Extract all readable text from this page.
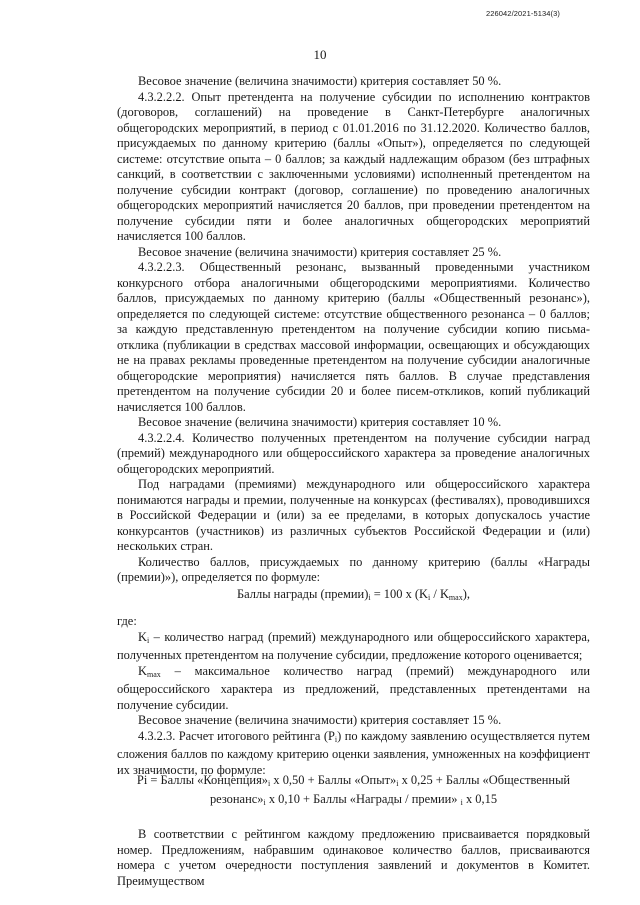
226042/2021-5134(3)
10

Весовое значение (величина значимости) критерия составляет 50 %.

4.3.2.2.2. Опыт претендента на получение субсидии по исполнению контрактов (договоров, соглашений) на проведение в Санкт-Петербурге аналогичных общегородских мероприятий, в период с 01.01.2016 по 31.12.2020. Количество баллов, присуждаемых по данному критерию (баллы «Опыт»), определяется по следующей системе: отсутствие опыта – 0 баллов; за каждый надлежащим образом (без штрафных санкций, в соответствии с заключенными условиями) исполненный претендентом на получение субсидии контракт (договор, соглашение) по проведению аналогичных общегородских мероприятий начисляется 20 баллов, при проведении претендентом на получение субсидии пяти и более аналогичных общегородских мероприятий начисляется 100 баллов.

Весовое значение (величина значимости) критерия составляет 25 %.

4.3.2.2.3. Общественный резонанс, вызванный проведенными участником конкурсного отбора аналогичными общегородскими мероприятиями. Количество баллов, присуждаемых по данному критерию (баллы «Общественный резонанс»), определяется по следующей системе: отсутствие общественного резонанса – 0 баллов; за каждую представленную претендентом на получение субсидии копию письма-отклика (публикации в средствах массовой информации, освещающих и обсуждающих не на правах рекламы проведенные претендентом на получение субсидии аналогичные общегородские мероприятия) начисляется пять баллов. В случае представления претендентом на получение субсидии 20 и более писем-откликов, копий публикаций начисляется 100 баллов.

Весовое значение (величина значимости) критерия составляет 10 %.

4.3.2.2.4. Количество полученных претендентом на получение субсидии наград (премий) международного или общероссийского характера за проведение аналогичных общегородских мероприятий.

Под наградами (премиями) международного или общероссийского характера понимаются награды и премии, полученные на конкурсах (фестивалях), проводившихся в Российской Федерации и (или) за ее пределами, в которых допускалось участие конкурсантов (участников) из различных субъектов Российской Федерации и (или) нескольких стран.

Количество баллов, присуждаемых по данному критерию (баллы «Награды (премии)»), определяется по формуле:

Баллы награды $(премии)_i = 100$ x $(K_i / K_{max})$,

где:

$K_i$ – количество наград (премий) международного или общероссийского характера, полученных претендентом на получение субсидии, предложение которого оценивается;

$K_{max}$ – максимальное количество наград (премий) международного или общероссийского характера из предложений, представленных претендентами на получение субсидии.

Весовое значение (величина значимости) критерия составляет 15 %.

4.3.2.3. Расчет итогового рейтинга $(P_i)$ по каждому заявлению осуществляется путем сложения баллов по каждому критерию оценки заявления, умноженных на коэффициент их значимости, по формуле:

Pi = Баллы «$Концепция»_i$ x 0,50 + Баллы «$Опыт»_i$ x 0,25 + Баллы «Общественный
$резонанс»_i$ x 0,10 + Баллы «Награды / премии» $_i$ x 0,15

В соответствии с рейтингом каждому предложению присваивается порядковый номер. Предложениям, набравшим одинаковое количество баллов, присваиваются номера с учетом очередности поступления заявлений и документов в Комитет. Преимуществом
